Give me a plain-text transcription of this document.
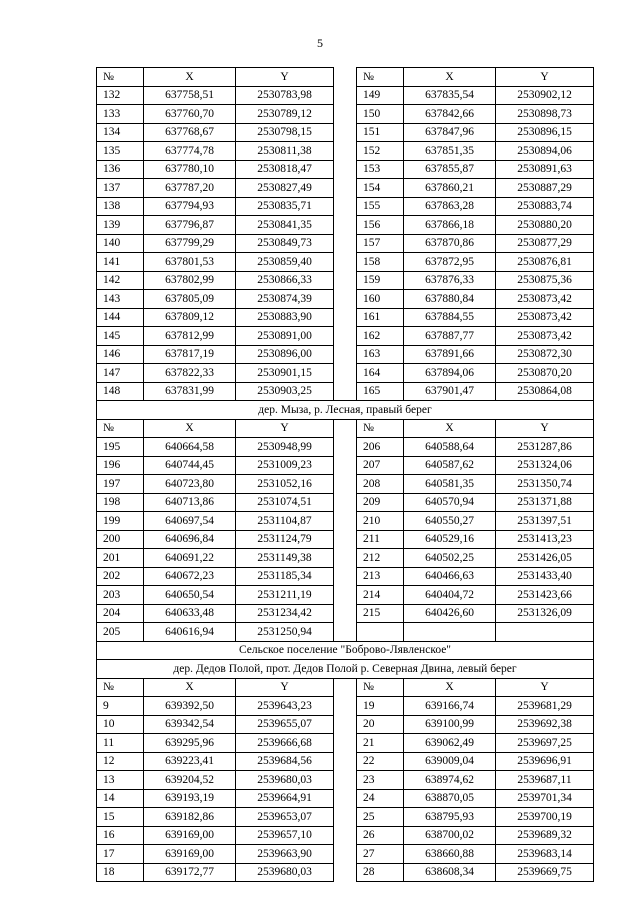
5
№	X	Y		№	X	Y
132	637758,51	2530783,98		149	637835,54	2530902,12
133	637760,70	2530789,12		150	637842,66	2530898,73
134	637768,67	2530798,15		151	637847,96	2530896,15
135	637774,78	2530811,38		152	637851,35	2530894,06
136	637780,10	2530818,47		153	637855,87	2530891,63
137	637787,20	2530827,49		154	637860,21	2530887,29
138	637794,93	2530835,71		155	637863,28	2530883,74
139	637796,87	2530841,35		156	637866,18	2530880,20
140	637799,29	2530849,73		157	637870,86	2530877,29
141	637801,53	2530859,40		158	637872,95	2530876,81
142	637802,99	2530866,33		159	637876,33	2530875,36
143	637805,09	2530874,39		160	637880,84	2530873,42
144	637809,12	2530883,90		161	637884,55	2530873,42
145	637812,99	2530891,00		162	637887,77	2530873,42
146	637817,19	2530896,00		163	637891,66	2530872,30
147	637822,33	2530901,15		164	637894,06	2530870,20
148	637831,99	2530903,25		165	637901,47	2530864,08
дер. Мыза, р. Лесная, правый берег						
№	X	Y		№	X	Y
195	640664,58	2530948,99		206	640588,64	2531287,86
196	640744,45	2531009,23		207	640587,62	2531324,06
197	640723,80	2531052,16		208	640581,35	2531350,74
198	640713,86	2531074,51		209	640570,94	2531371,88
199	640697,54	2531104,87		210	640550,27	2531397,51
200	640696,84	2531124,79		211	640529,16	2531413,23
201	640691,22	2531149,38		212	640502,25	2531426,05
202	640672,23	2531185,34		213	640466,63	2531433,40
203	640650,54	2531211,19		214	640404,72	2531423,66
204	640633,48	2531234,42		215	640426,60	2531326,09
205	640616,94	2531250,94				
Сельское поселение "Боброво-Лявленское"						
дер. Дедов Полой, прот. Дедов Полой р. Северная Двина, левый берег						
№	X	Y		№	X	Y
9	639392,50	2539643,23		19	639166,74	2539681,29
10	639342,54	2539655,07		20	639100,99	2539692,38
11	639295,96	2539666,68		21	639062,49	2539697,25
12	639223,41	2539684,56		22	639009,04	2539696,91
13	639204,52	2539680,03		23	638974,62	2539687,11
14	639193,19	2539664,91		24	638870,05	2539701,34
15	639182,86	2539653,07		25	638795,93	2539700,19
16	639169,00	2539657,10		26	638700,02	2539689,32
17	639169,00	2539663,90		27	638660,88	2539683,14
18	639172,77	2539680,03		28	638608,34	2539669,75
